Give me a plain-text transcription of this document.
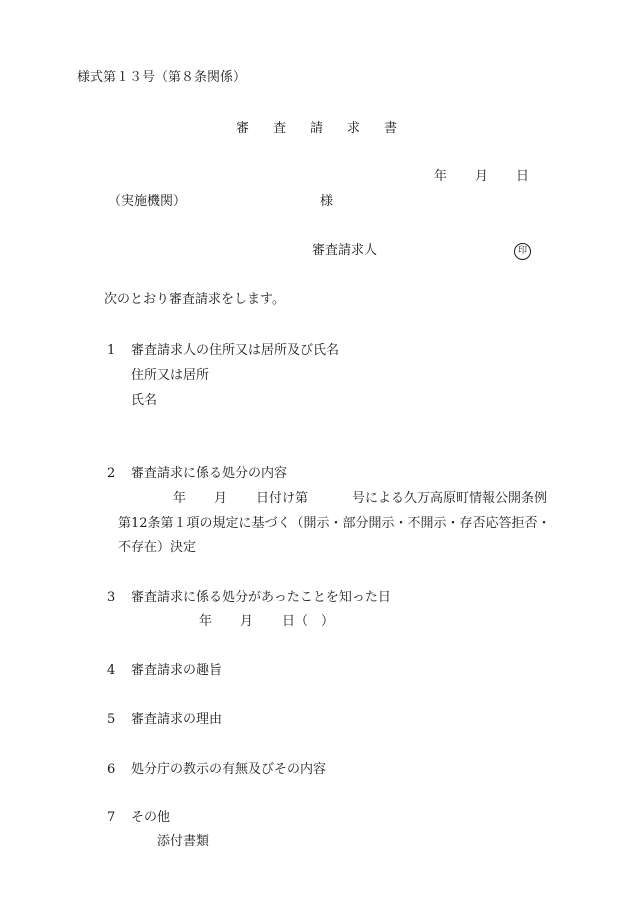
様式第１３号（第８条関係）
審 査 請 求 書
年 月 日
（実施機関）	様
審査請求人	印
次のとおり審査請求をします。
1 審査請求人の住所又は居所及び氏名
住所又は居所
氏名
2 審査請求に係る処分の内容
年 月 日付け第	号による久万高原町情報公開条例
第12条第１項の規定に基づく（開示・部分開示・不開示・存否応答拒否・
不存在）決定
3 審査請求に係る処分があったことを知った日
年 月 日（　）
4 審査請求の趣旨
5 審査請求の理由
6 処分庁の教示の有無及びその内容
7 その他
添付書類
